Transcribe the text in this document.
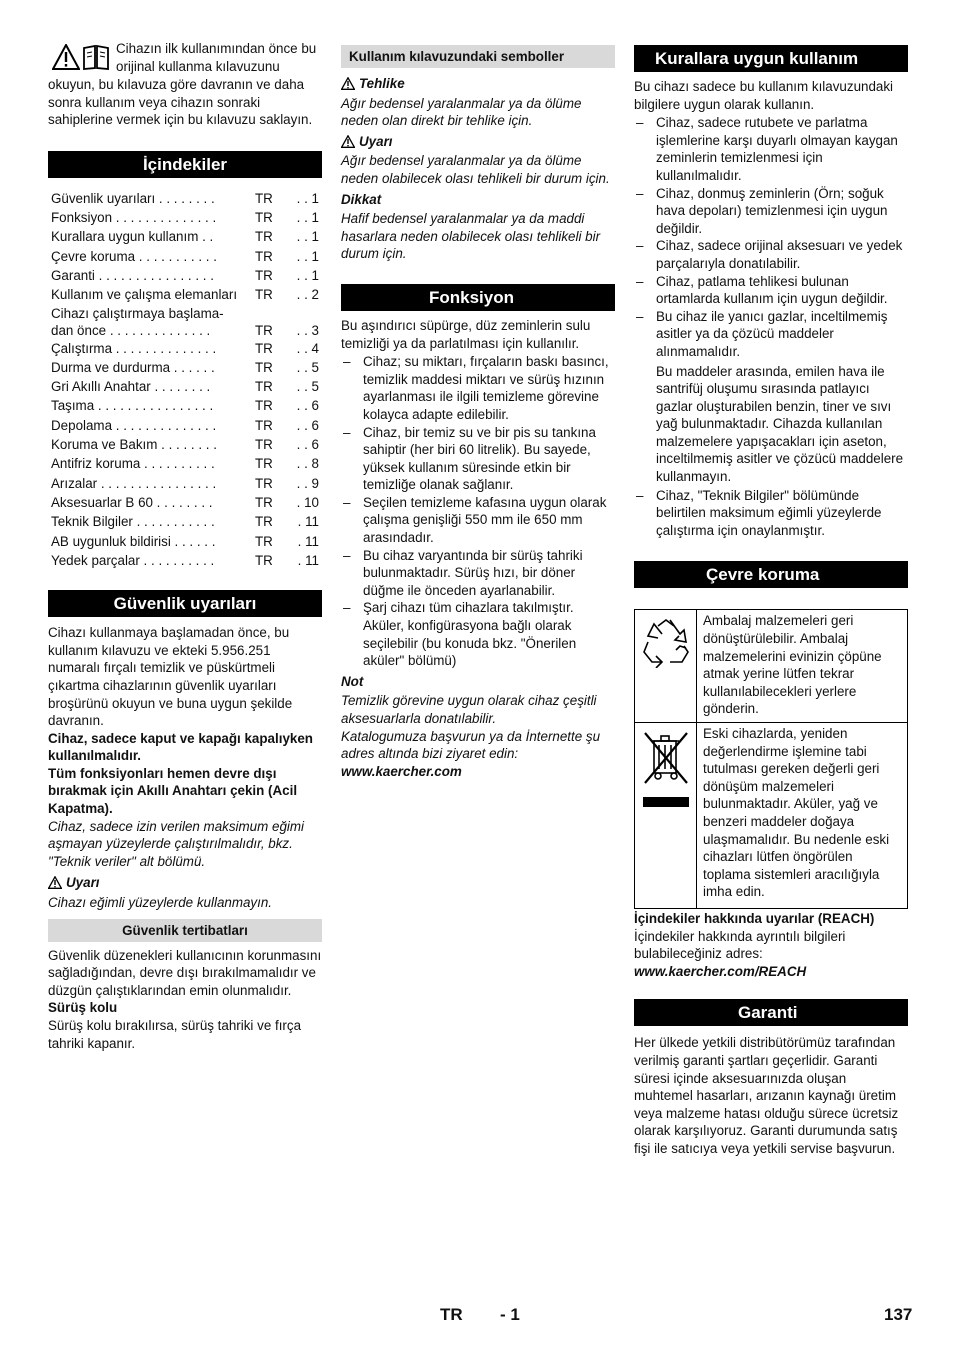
Cihazın ilk kullanımından önce bu orijinal kullanma kılavuzunu

okuyun, bu kılavuza göre davranın ve daha sonra kullanım veya cihazın sonraki sahiplerine vermek için bu kılavuzu saklayın.

İçindekiler
Güvenlik uyarıları . . . . . . . .	TR	. . 1
Fonksiyon . . . . . . . . . . . . . .	TR	. . 1
Kurallara uygun kullanım . .	TR	. . 1
Çevre koruma . . . . . . . . . . .	TR	. . 1
Garanti . . . . . . . . . . . . . . . .	TR	. . 1
Kullanım ve çalışma elemanları	TR	. . 2
Cihazı çalıştırmaya başlama-
dan önce . . . . . . . . . . . . . .	TR	. . 3
Çalıştırma . . . . . . . . . . . . . .	TR	. . 4
Durma ve durdurma . . . . . .	TR	. . 5
Gri Akıllı Anahtar . . . . . . . .	TR	. . 5
Taşıma . . . . . . . . . . . . . . . .	TR	. . 6
Depolama . . . . . . . . . . . . . .	TR	. . 6
Koruma ve Bakım . . . . . . . .	TR	. . 6
Antifriz koruma . . . . . . . . . .	TR	. . 8
Arızalar . . . . . . . . . . . . . . . .	TR	. . 9
Aksesuarlar B 60 . . . . . . . .	TR	. 10
Teknik Bilgiler . . . . . . . . . . .	TR	. 11
AB uygunluk bildirisi . . . . . .	TR	. 11
Yedek parçalar . . . . . . . . . .	TR	. 11
Güvenlik uyarıları

Cihazı kullanmaya başlamadan önce, bu kullanım kılavuzu ve ekteki 5.956.251 numaralı fırçalı temizlik ve püskürtmeli çıkartma cihazlarının güvenlik uyarıları broşürünü okuyun ve buna uygun şekilde davranın.

Cihaz, sadece kaput ve kapağı kapalıyken kullanılmalıdır.

Tüm fonksiyonları hemen devre dışı bırakmak için Akıllı Anahtarı çekin (Acil Kapatma).

Cihaz, sadece izin verilen maksimum eğimi aşmayan yüzeylerde çalıştırılmalıdır, bkz. "Teknik veriler" alt bölümü.

Uyarı

Cihazı eğimli yüzeylerde kullanmayın.

Güvenlik tertibatları

Güvenlik düzenekleri kullanıcının korunmasını sağladığından, devre dışı bırakılmamalıdır ve düzgün çalıştıklarından emin olunmalıdır.

Sürüş kolu

Sürüş kolu bırakılırsa, sürüş tahriki ve fırça tahriki kapanır.

Kullanım kılavuzundaki semboller

Tehlike

Ağır bedensel yaralanmalar ya da ölüme neden olan direkt bir tehlike için.

Uyarı

Ağır bedensel yaralanmalar ya da ölüme neden olabilecek olası tehlikeli bir durum için.

Dikkat

Hafif bedensel yaralanmalar ya da maddi hasarlara neden olabilecek olası tehlikeli bir durum için.

Fonksiyon

Bu aşındırıcı süpürge, düz zeminlerin sulu temizliği ya da parlatılması için kullanılır.

– Cihaz; su miktarı, fırçaların baskı basıncı, temizlik maddesi miktarı ve sürüş hızının ayarlanması ile ilgili temizleme görevine kolayca adapte edilebilir.
– Cihaz, bir temiz su ve bir pis su tankına sahiptir (her biri 60 litrelik). Bu sayede, yüksek kullanım süresinde etkin bir temizliğe olanak sağlanır.
– Seçilen temizleme kafasına uygun olarak çalışma genişliği 550 mm ile 650 mm arasındadır.
– Bu cihaz varyantında bir sürüş tahriki bulunmaktadır. Sürüş hızı, bir döner düğme ile önceden ayarlanabilir.
– Şarj cihazı tüm cihazlara takılmıştır. Aküler, konfigürasyona bağlı olarak seçilebilir (bu konuda bkz. "Önerilen aküler" bölümü)

Not

Temizlik görevine uygun olarak cihaz çeşitli aksesuarlarla donatılabilir.

Katalogumuza başvurun ya da İnternette şu adres altında bizi ziyaret edin:

www.kaercher.com

Kurallara uygun kullanım

Bu cihazı sadece bu kullanım kılavuzundaki bilgilere uygun olarak kullanın.

– Cihaz, sadece rutubete ve parlatma işlemlerine karşı duyarlı olmayan kaygan zeminlerin temizlenmesi için kullanılmalıdır.
– Cihaz, donmuş zeminlerin (Örn; soğuk hava depoları) temizlenmesi için uygun değildir.
– Cihaz, sadece orijinal aksesuarı ve yedek parçalarıyla donatılabilir.
– Cihaz, patlama tehlikesi bulunan ortamlarda kullanım için uygun değildir.
– Bu cihaz ile yanıcı gazlar, inceltilmemiş asitler ya da çözücü maddeler alınmamalıdır.

Bu maddeler arasında, emilen hava ile santrifüj oluşumu sırasında patlayıcı gazlar oluşturabilen benzin, tiner ve sıvı yağ bulunmaktadır. Cihazda kullanılan malzemelere yapışacakları için aseton, inceltilmemiş asitler ve çözücü maddelere kullanmayın.

– Cihaz, "Teknik Bilgiler" bölümünde belirtilen maksimum eğimli yüzeylerde çalıştırma için onaylanmıştır.
Çevre koruma
	Ambalaj malzemeleri geri dönüştürülebilir. Ambalaj malzemelerini evinizin çöpüne atmak yerine lütfen tekrar kullanılabilecekleri yerlere gönderin.
	Eski cihazlarda, yeniden değerlendirme işlemine tabi tutulması gereken değerli geri dönüşüm malzemeleri bulunmaktadır. Aküler, yağ ve benzeri maddeler doğaya ulaşmamalıdır. Bu nedenle eski cihazları lütfen öngörülen toplama sistemleri aracılığıyla imha edin.

İçindekiler hakkında uyarılar (REACH)

İçindekiler hakkında ayrıntılı bilgileri bulabileceğiniz adres:

www.kaercher.com/REACH

Garanti

Her ülkede yetkili distribütörümüz tarafından verilmiş garanti şartları geçerlidir. Garanti süresi içinde aksesuarınızda oluşan muhtemel hasarları, arızanın kaynağı üretim veya malzeme hatası olduğu sürece ücretsiz olarak karşılıyoruz. Garanti durumunda satış fişi ile satıcıya veya yetkili servise başvurun.

TR - 1	137
